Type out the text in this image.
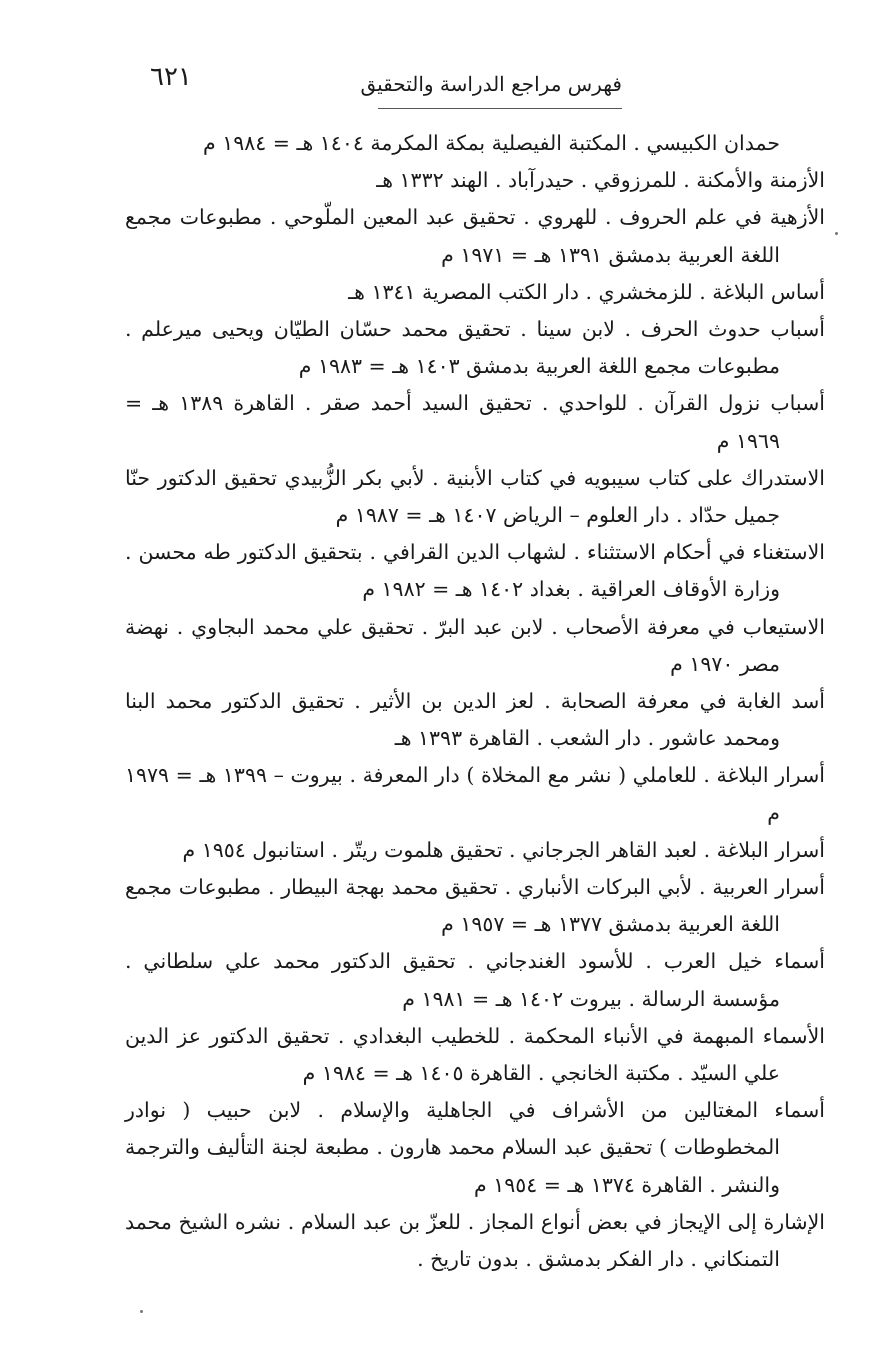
٦٢١	فهرس مراجع الدراسة والتحقيق

حمدان الكبيسي . المكتبة الفيصلية بمكة المكرمة ١٤٠٤ هـ = ١٩٨٤ م

الأزمنة والأمكنة . للمرزوقي . حيدرآباد . الهند ١٣٣٢ هـ

الأزهية في علم الحروف . للهروي . تحقيق عبد المعين الملّوحي . مطبوعات مجمع اللغة العربية بدمشق ١٣٩١ هـ = ١٩٧١ م

أساس البلاغة . للزمخشري . دار الكتب المصرية ١٣٤١ هـ

أسباب حدوث الحرف . لابن سينا . تحقيق محمد حسّان الطيّان ويحيى ميرعلم . مطبوعات مجمع اللغة العربية بدمشق ١٤٠٣ هـ = ١٩٨٣ م

أسباب نزول القرآن . للواحدي . تحقيق السيد أحمد صقر . القاهرة ١٣٨٩ هـ = ١٩٦٩ م

الاستدراك على كتاب سيبويه في كتاب الأبنية . لأبي بكر الزُّبيدي تحقيق الدكتور حنّا جميل حدّاد . دار العلوم – الرياض ١٤٠٧ هـ = ١٩٨٧ م

الاستغناء في أحكام الاستثناء . لشهاب الدين القرافي . بتحقيق الدكتور طه محسن . وزارة الأوقاف العراقية . بغداد ١٤٠٢ هـ = ١٩٨٢ م

الاستيعاب في معرفة الأصحاب . لابن عبد البرّ . تحقيق علي محمد البجاوي . نهضة مصر ١٩٧٠ م

أسد الغابة في معرفة الصحابة . لعز الدين بن الأثير . تحقيق الدكتور محمد البنا ومحمد عاشور . دار الشعب . القاهرة ١٣٩٣ هـ

أسرار البلاغة . للعاملي ( نشر مع المخلاة ) دار المعرفة . بيروت – ١٣٩٩ هـ = ١٩٧٩ م

أسرار البلاغة . لعبد القاهر الجرجاني . تحقيق هلموت ريتّر . استانبول ١٩٥٤ م

أسرار العربية . لأبي البركات الأنباري . تحقيق محمد بهجة البيطار . مطبوعات مجمع اللغة العربية بدمشق ١٣٧٧ هـ = ١٩٥٧ م

أسماء خيل العرب . للأسود الغندجاني . تحقيق الدكتور محمد علي سلطاني . مؤسسة الرسالة . بيروت ١٤٠٢ هـ = ١٩٨١ م

الأسماء المبهمة في الأنباء المحكمة . للخطيب البغدادي . تحقيق الدكتور عز الدين علي السيّد . مكتبة الخانجي . القاهرة ١٤٠٥ هـ = ١٩٨٤ م

أسماء المغتالين من الأشراف في الجاهلية والإسلام . لابن حبيب ( نوادر المخطوطات ) تحقيق عبد السلام محمد هارون . مطبعة لجنة التأليف والترجمة والنشر . القاهرة ١٣٧٤ هـ = ١٩٥٤ م

الإشارة إلى الإيجاز في بعض أنواع المجاز . للعزّ بن عبد السلام . نشره الشيخ محمد التمنكاني . دار الفكر بدمشق . بدون تاريخ .
